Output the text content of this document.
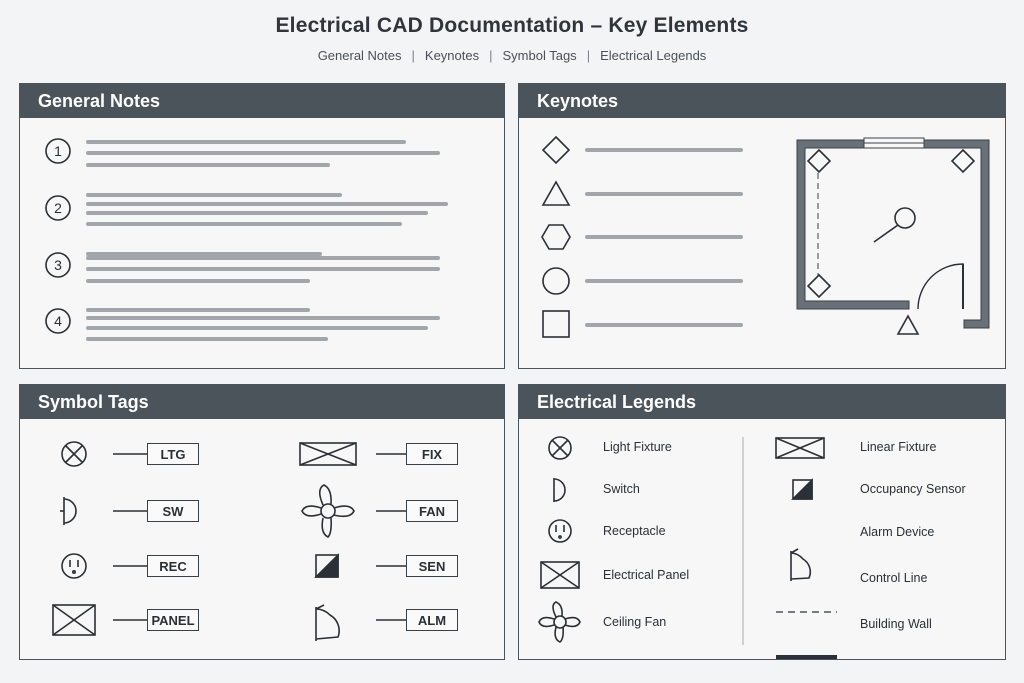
Electrical CAD Documentation – Key Elements
General Notes | Keynotes | Symbol Tags | Electrical Legends
General Notes
1
2
3
4
Keynotes
Symbol Tags
LTG
SW
REC
PANEL
FIX
FAN
SEN
ALM
Electrical Legends
Light Fixture
Switch
Receptacle
Electrical Panel
Ceiling Fan
Linear Fixture
Occupancy Sensor
Alarm Device
Control Line
Building Wall
